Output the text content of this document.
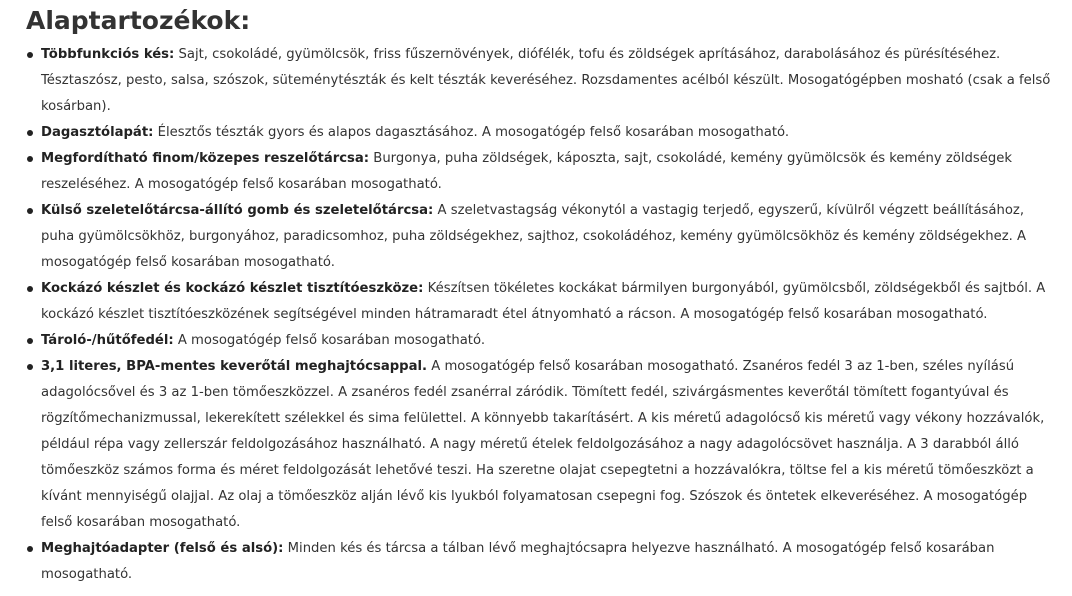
Alaptartozékok:
Többfunkciós kés: Sajt, csokoládé, gyümölcsök, friss fűszernövények, diófélék, tofu és zöldségek aprításához, darabolásához és pürésítéséhez. Tésztaszósz, pesto, salsa, szószok, süteménytészták és kelt tészták keveréséhez. Rozsdamentes acélból készült. Mosogatógépben mosható (csak a felső kosárban).
Dagasztólapát: Élesztős tészták gyors és alapos dagasztásához. A mosogatógép felső kosarában mosogatható.
Megfordítható finom/közepes reszelőtárcsa: Burgonya, puha zöldségek, káposzta, sajt, csokoládé, kemény gyümölcsök és kemény zöldségek reszeléséhez. A mosogatógép felső kosarában mosogatható.
Külső szeletelőtárcsa-állító gomb és szeletelőtárcsa: A szeletvastagság vékonytól a vastagig terjedő, egyszerű, kívülről végzett beállításához, puha gyümölcsökhöz, burgonyához, paradicsomhoz, puha zöldségekhez, sajthoz, csokoládéhoz, kemény gyümölcsökhöz és kemény zöldségekhez. A mosogatógép felső kosarában mosogatható.
Kockázó készlet és kockázó készlet tisztítóeszköze: Készítsen tökéletes kockákat bármilyen burgonyából, gyümölcsből, zöldségekből és sajtból. A kockázó készlet tisztítóeszközének segítségével minden hátramaradt étel átnyomható a rácson. A mosogatógép felső kosarában mosogatható.
Tároló-/hűtőfedél: A mosogatógép felső kosarában mosogatható.
3,1 literes, BPA-mentes keverőtál meghajtócsappal. A mosogatógép felső kosarában mosogatható. Zsanéros fedél 3 az 1-ben, széles nyílású adagolócsővel és 3 az 1-ben tömőeszközzel. A zsanéros fedél zsanérral záródik. Tömített fedél, szivárgásmentes keverőtál tömített fogantyúval és rögzítőmechanizmussal, lekerekített szélekkel és sima felülettel. A könnyebb takarításért. A kis méretű adagolócső kis méretű vagy vékony hozzávalók, például répa vagy zellerszár feldolgozásához használható. A nagy méretű ételek feldolgozásához a nagy adagolócsövet használja. A 3 darabból álló tömőeszköz számos forma és méret feldolgozását lehetővé teszi. Ha szeretne olajat csepegtetni a hozzávalókra, töltse fel a kis méretű tömőeszközt a kívánt mennyiségű olajjal. Az olaj a tömőeszköz alján lévő kis lyukból folyamatosan csepegni fog. Szószok és öntetek elkeveréséhez. A mosogatógép felső kosarában mosogatható.
Meghajtóadapter (felső és alsó): Minden kés és tárcsa a tálban lévő meghajtócsapra helyezve használható. A mosogatógép felső kosarában mosogatható.
